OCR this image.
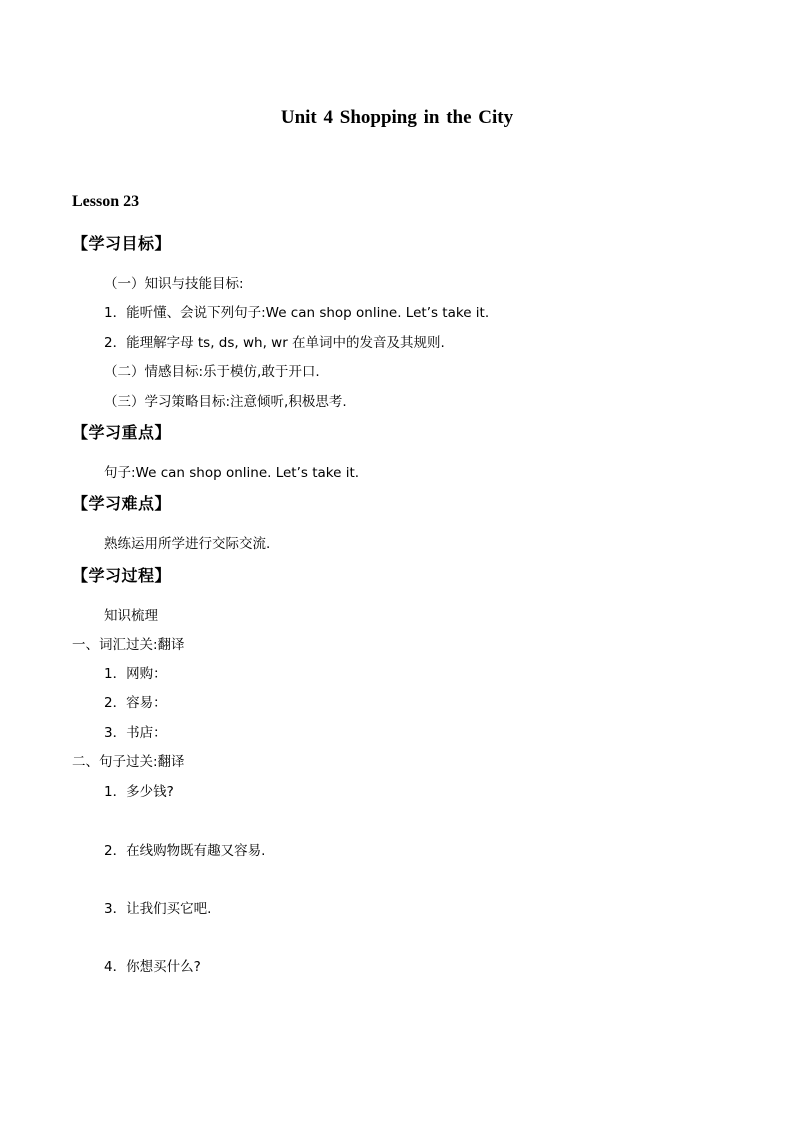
Unit 4 Shopping in the City
Lesson 23
【学习目标】
（一）知识与技能目标:
1．能听懂、会说下列句子:We can shop online. Let’s take it.
2．能理解字母 ts, ds, wh, wr 在单词中的发音及其规则.
（二）情感目标:乐于模仿,敢于开口.
（三）学习策略目标:注意倾听,积极思考.
【学习重点】
句子:We can shop online. Let’s take it.
【学习难点】
熟练运用所学进行交际交流.
【学习过程】
知识梳理
一、词汇过关:翻译
1．网购：
2．容易：
3．书店：
二、句子过关:翻译
1．多少钱?
2．在线购物既有趣又容易.
3．让我们买它吧.
4．你想买什么?
